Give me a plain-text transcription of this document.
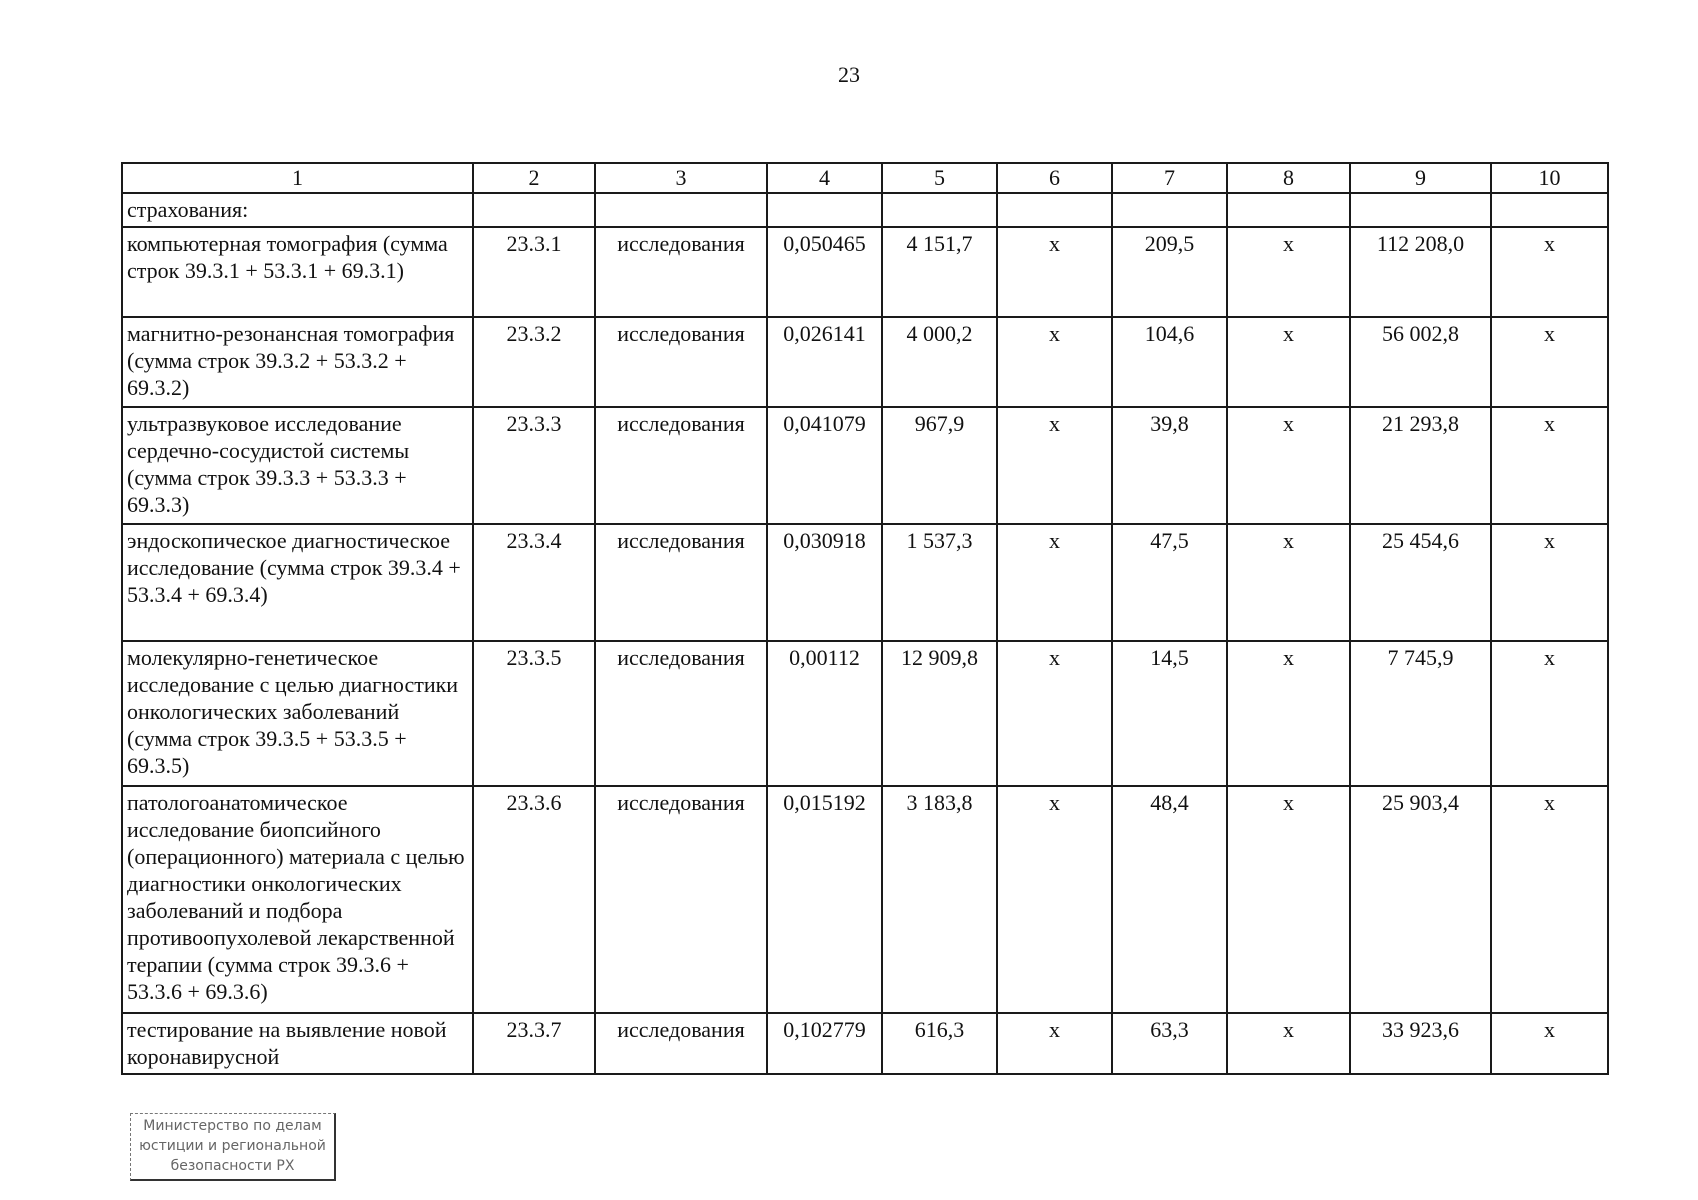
23
1	2	3	4	5	6	7	8	9	10
страхования:									
компьютерная томография (сумма строк 39.3.1 + 53.3.1 + 69.3.1)	23.3.1	исследования	0,050465	4 151,7	х	209,5	х	112 208,0	х
магнитно-резонансная томография (сумма строк 39.3.2 + 53.3.2 + 69.3.2)	23.3.2	исследования	0,026141	4 000,2	х	104,6	х	56 002,8	х
ультразвуковое исследование сердечно-сосудистой системы (сумма строк 39.3.3 + 53.3.3 + 69.3.3)	23.3.3	исследования	0,041079	967,9	х	39,8	х	21 293,8	х
эндоскопическое диагностическое исследование (сумма строк 39.3.4 + 53.3.4 + 69.3.4)	23.3.4	исследования	0,030918	1 537,3	х	47,5	х	25 454,6	х
молекулярно-генетическое исследование с целью диагностики онкологических заболеваний (сумма строк 39.3.5 + 53.3.5 + 69.3.5)	23.3.5	исследования	0,00112	12 909,8	х	14,5	х	7 745,9	х
патологоанатомическое исследование биопсийного (операционного) материала с целью диагностики онкологических заболеваний и подбора противоопухолевой лекарственной терапии (сумма строк 39.3.6 + 53.3.6 + 69.3.6)	23.3.6	исследования	0,015192	3 183,8	х	48,4	х	25 903,4	х
тестирование на выявление новой коронавирусной	23.3.7	исследования	0,102779	616,3	х	63,3	х	33 923,6	х
Министерство по делам
юстиции и региональной
безопасности РХ
